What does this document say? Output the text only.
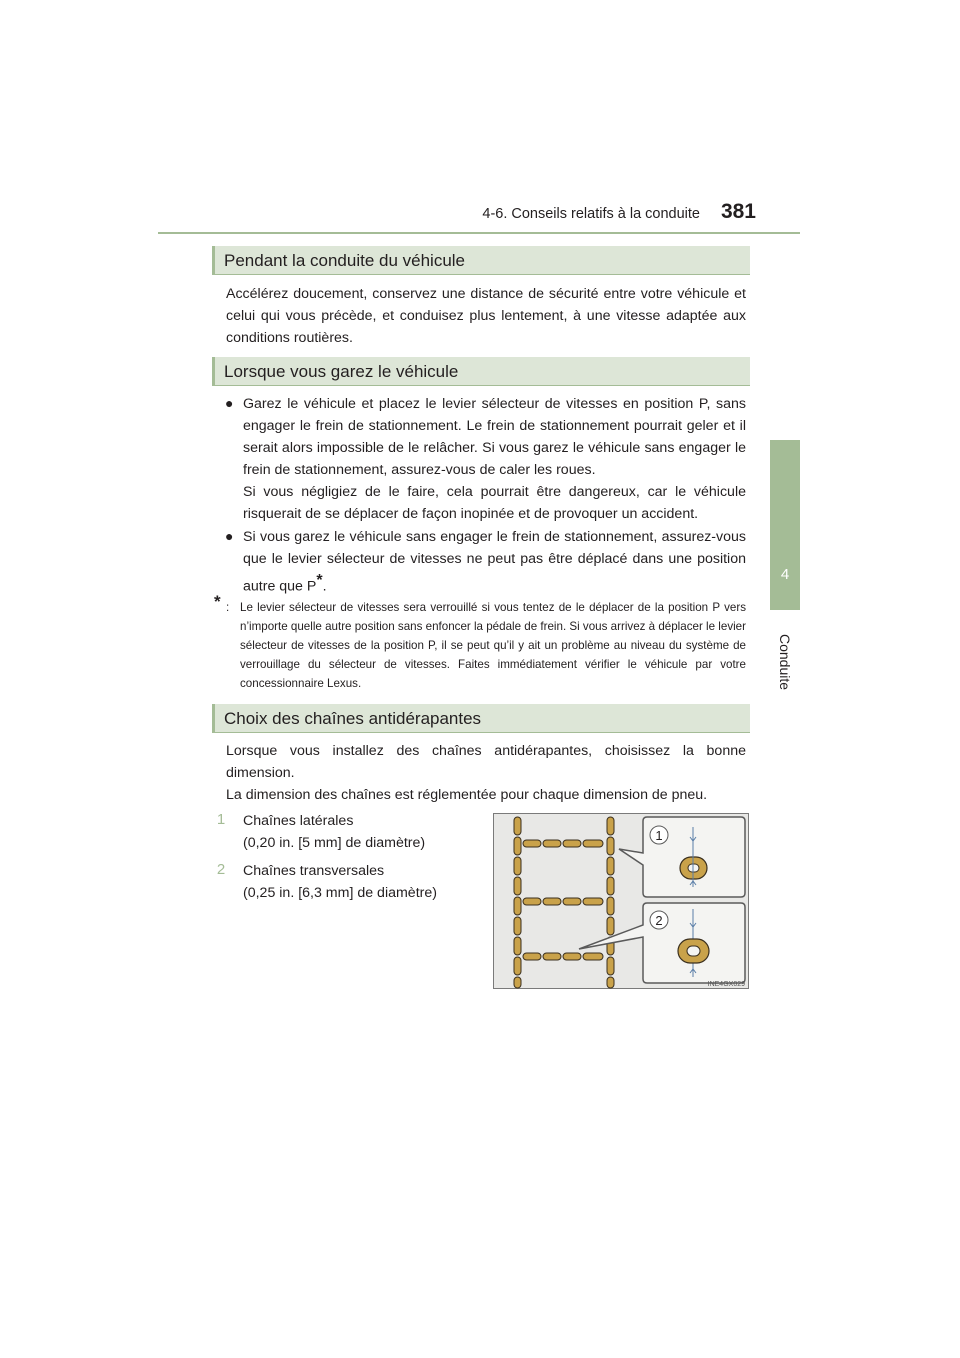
4-6. Conseils relatifs à la conduite 381
4
Conduite
Pendant la conduite du véhicule
Accélérez doucement, conservez une distance de sécurité entre votre véhicule et celui qui vous précède, et conduisez plus lentement, à une vitesse adaptée aux conditions routières.
Lorsque vous garez le véhicule
● Garez le véhicule et placez le levier sélecteur de vitesses en position P, sans engager le frein de stationnement. Le frein de stationnement pourrait geler et il serait alors impossible de le relâcher. Si vous garez le véhicule sans engager le frein de stationnement, assurez-vous de caler les roues.
Si vous négligiez de le faire, cela pourrait être dangereux, car le véhicule risquerait de se déplacer de façon inopinée et de provoquer un accident.
● Si vous garez le véhicule sans engager le frein de stationnement, assurez-vous que le levier sélecteur de vitesses ne peut pas être déplacé dans une position autre que P*.
* : Le levier sélecteur de vitesses sera verrouillé si vous tentez de le déplacer de la position P vers n’importe quelle autre position sans enfoncer la pédale de frein. Si vous arrivez à déplacer le levier sélecteur de vitesses de la position P, il se peut qu’il y ait un problème au niveau du système de verrouillage du sélecteur de vitesses. Faites immédiatement vérifier le véhicule par votre concessionnaire Lexus.
Choix des chaînes antidérapantes
Lorsque vous installez des chaînes antidérapantes, choisissez la bonne dimension.
La dimension des chaînes est réglementée pour chaque dimension de pneu.
1 Chaînes latérales
(0,20 in. [5 mm] de diamètre)
2 Chaînes transversales
(0,25 in. [6,3 mm] de diamètre)
1
2
INE4GX029
